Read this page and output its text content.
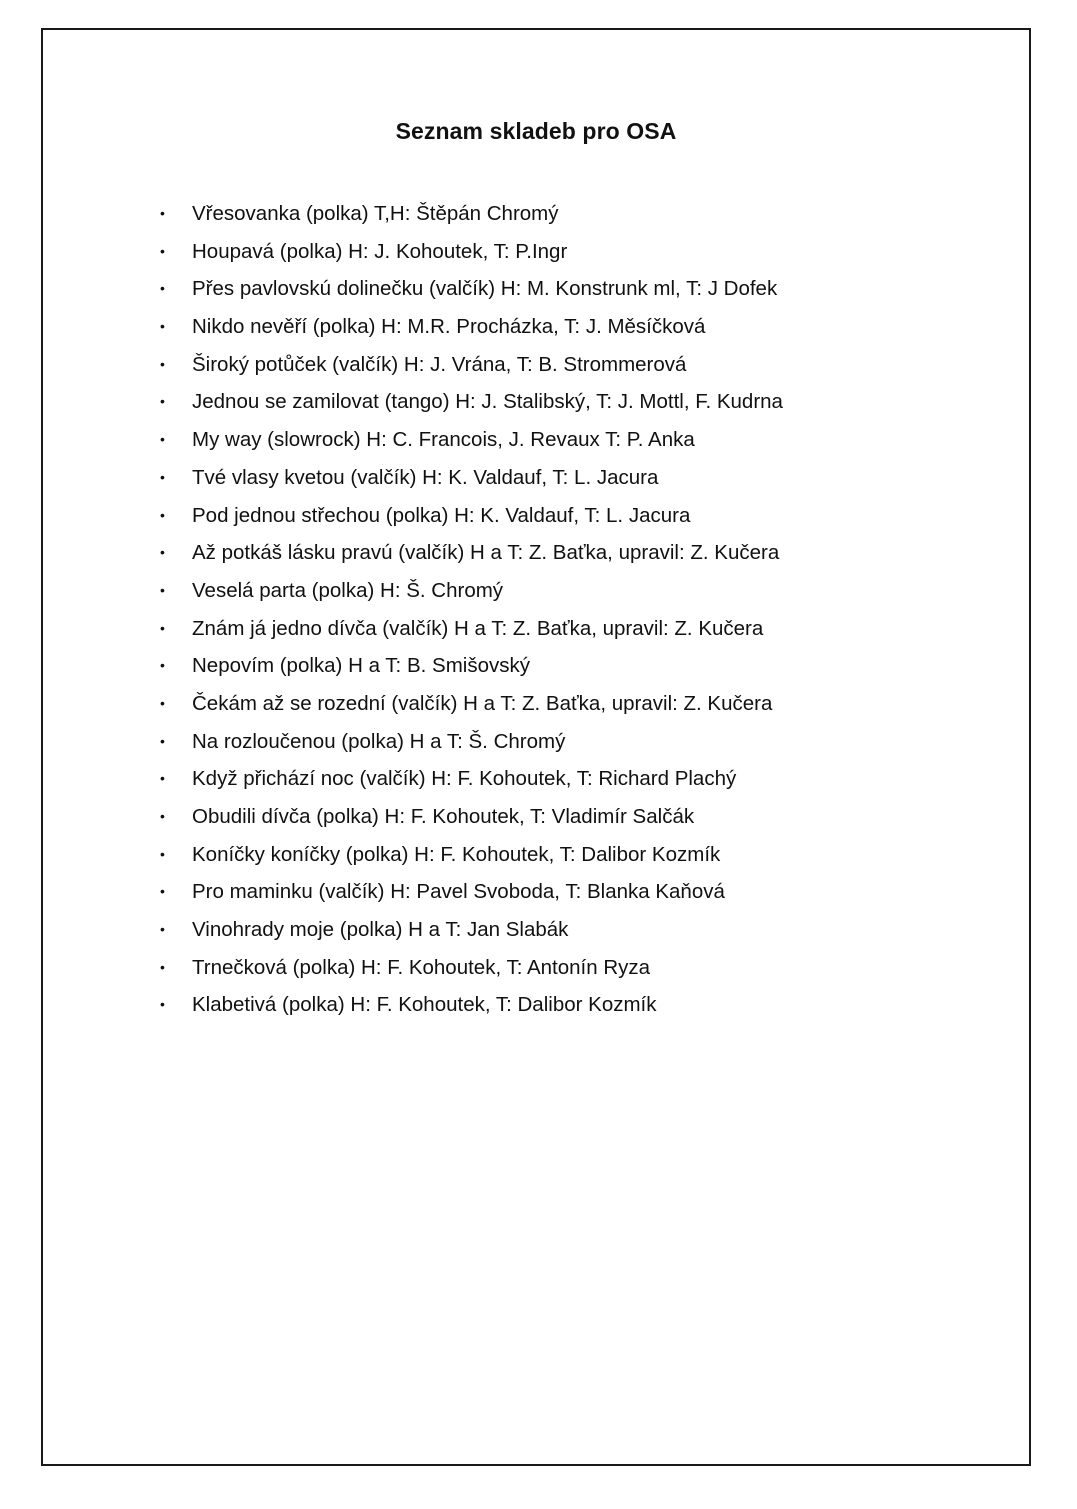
Seznam skladeb pro OSA
• Vřesovanka (polka) T,H: Štěpán Chromý
• Houpavá (polka) H: J. Kohoutek, T: P.Ingr
• Přes pavlovskú dolinečku (valčík) H: M. Konstrunk ml, T: J Dofek
• Nikdo nevěří (polka) H: M.R. Procházka, T: J. Měsíčková
• Široký potůček (valčík) H: J. Vrána, T: B. Strommerová
• Jednou se zamilovat (tango) H: J. Stalibský, T: J. Mottl, F. Kudrna
• My way (slowrock) H: C. Francois, J. Revaux T: P. Anka
• Tvé vlasy kvetou (valčík) H: K. Valdauf, T: L. Jacura
• Pod jednou střechou (polka) H: K. Valdauf, T: L. Jacura
• Až potkáš lásku pravú (valčík) H a T: Z. Baťka, upravil: Z. Kučera
• Veselá parta (polka) H: Š. Chromý
• Znám já jedno dívča (valčík) H a T: Z. Baťka, upravil: Z. Kučera
• Nepovím (polka) H a T: B. Smišovský
• Čekám až se rozední (valčík) H a T: Z. Baťka, upravil: Z. Kučera
• Na rozloučenou (polka) H a T: Š. Chromý
• Když přichází noc (valčík) H: F. Kohoutek, T: Richard Plachý
• Obudili dívča (polka) H: F. Kohoutek, T: Vladimír Salčák
• Koníčky koníčky (polka) H: F. Kohoutek, T: Dalibor Kozmík
• Pro maminku (valčík) H: Pavel Svoboda, T: Blanka Kaňová
• Vinohrady moje (polka) H a T: Jan Slabák
• Trnečková (polka) H: F. Kohoutek, T: Antonín Ryza
• Klabetivá (polka) H: F. Kohoutek, T: Dalibor Kozmík
